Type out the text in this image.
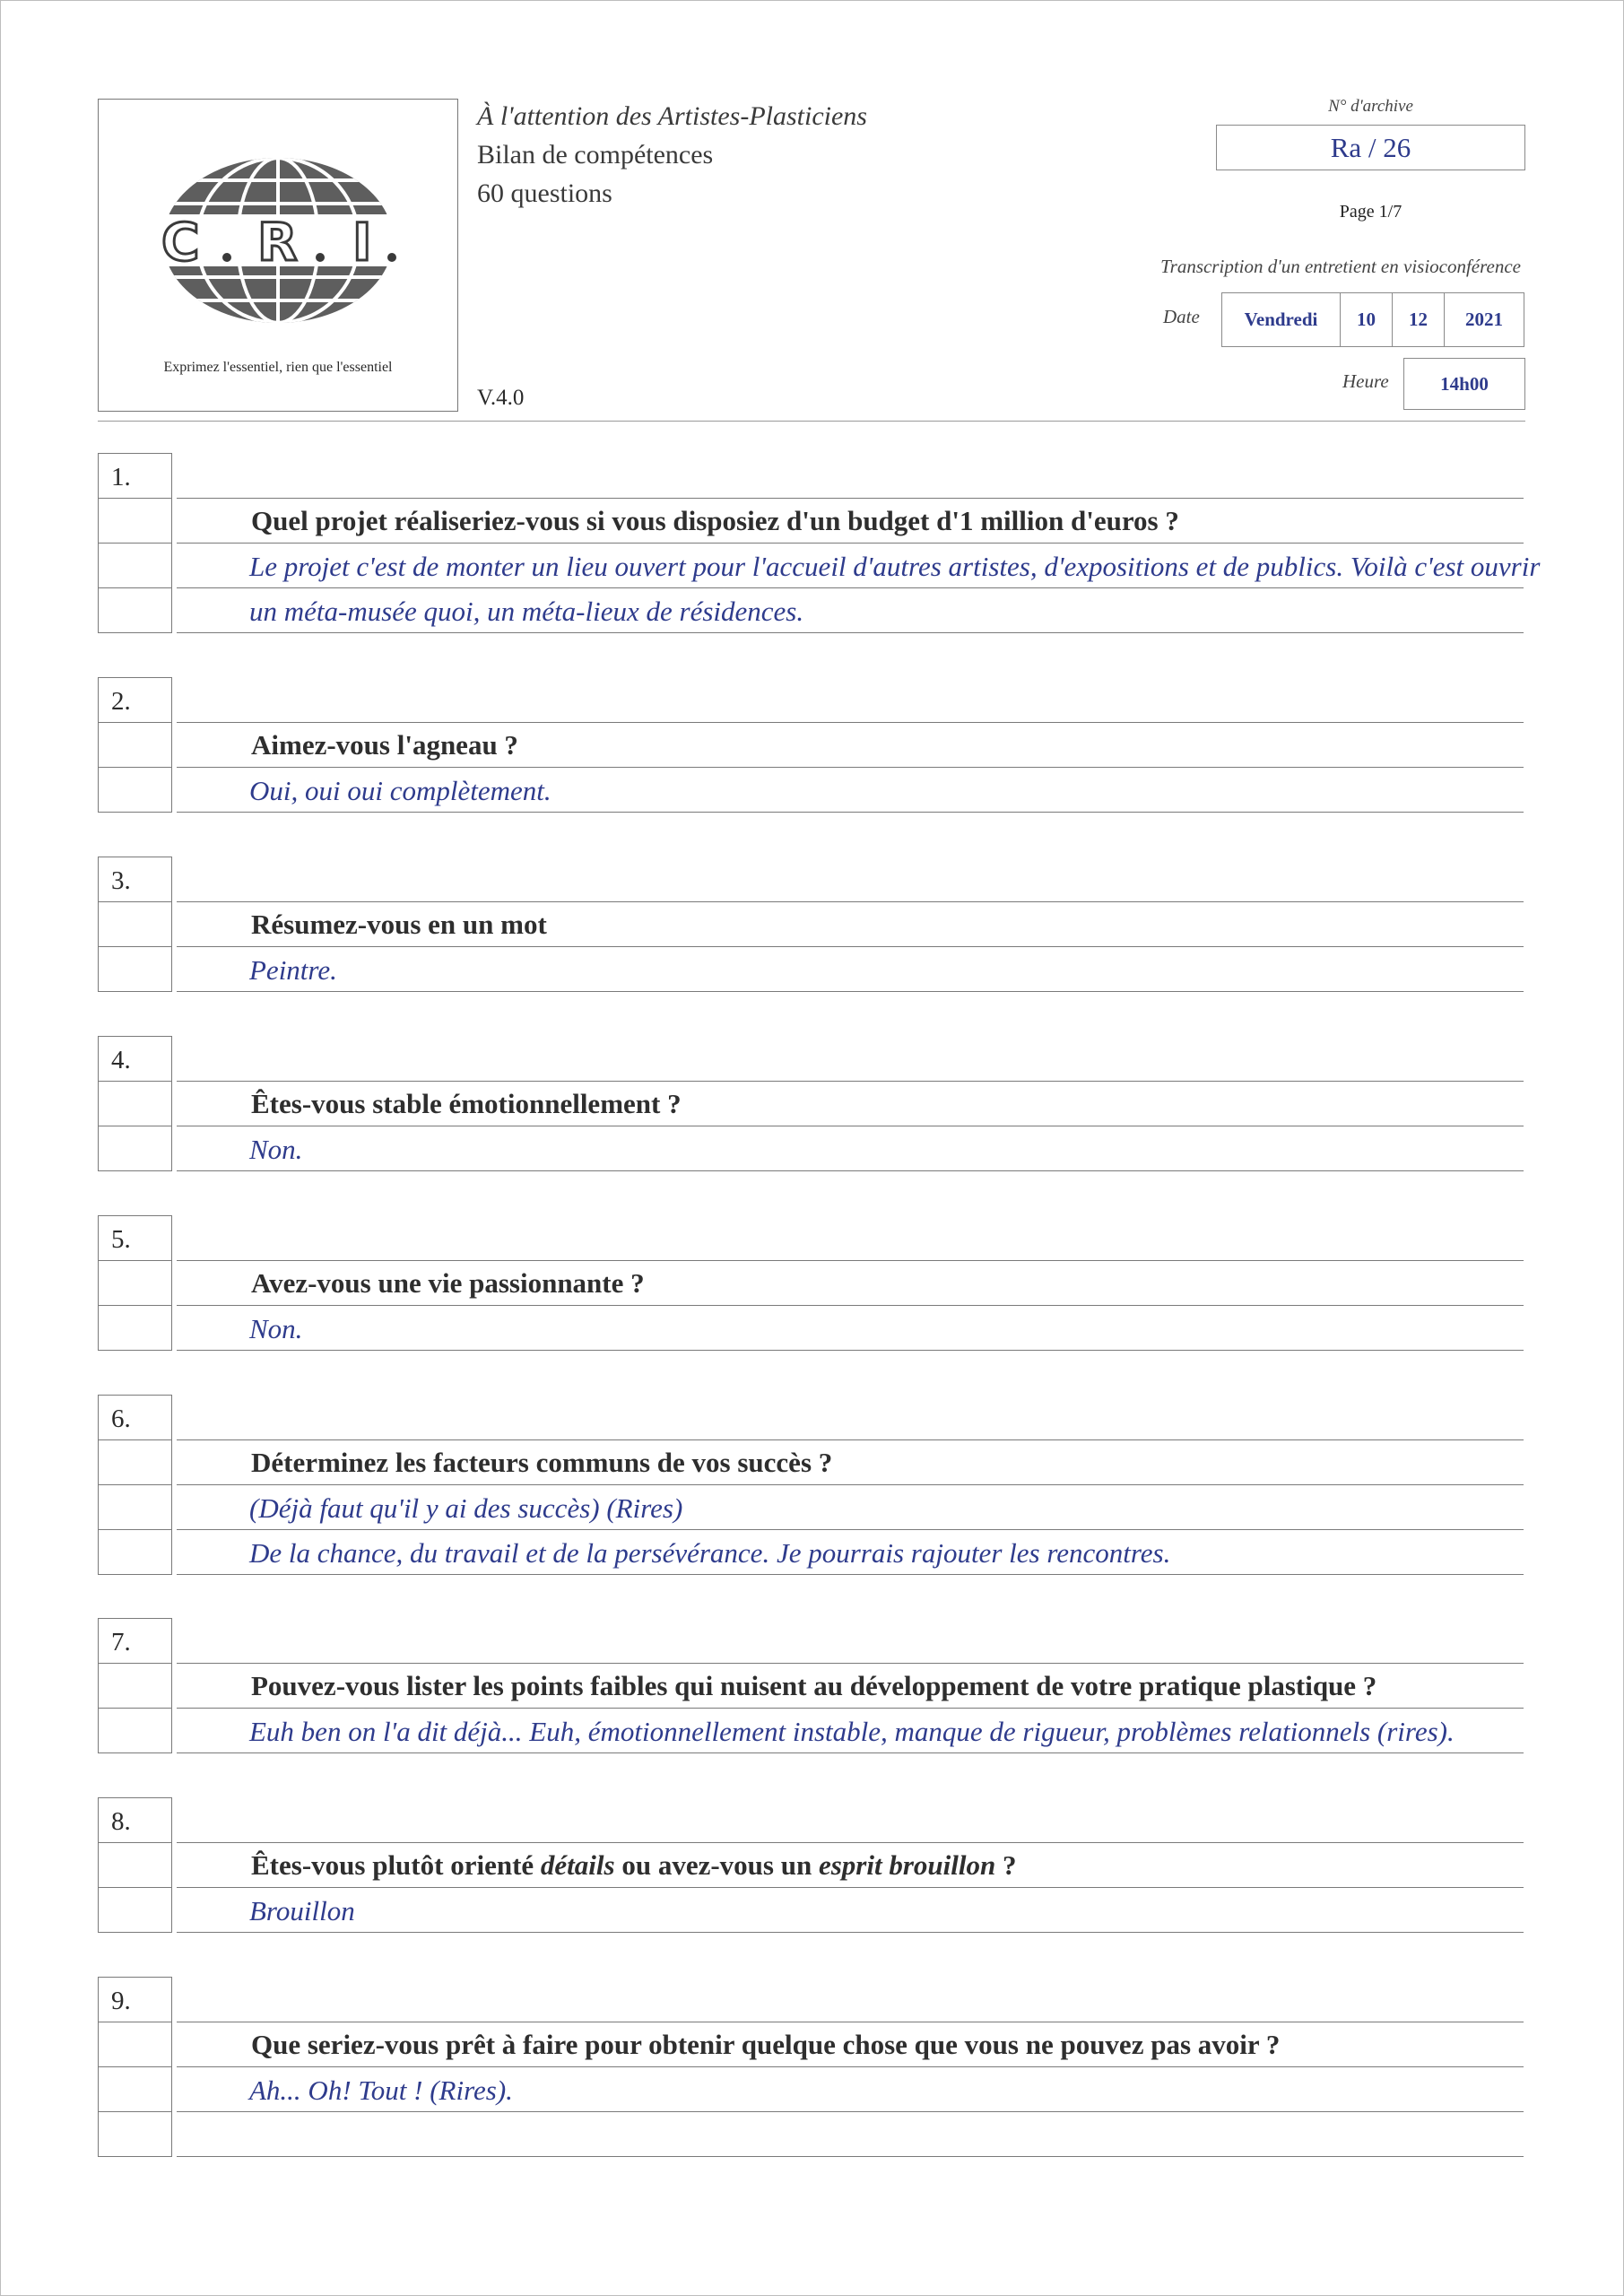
C R I
Exprimez l'essentiel, rien que l'essentiel
À l'attention des Artistes-Plasticiens
Bilan de compétences
60 questions
V.4.0
N° d'archive
Ra / 26
Page 1/7
Transcription d'un entretient en visioconférence
Date	Vendredi	10	12	2021
Heure	14h00
1.
Quel projet réaliseriez-vous si vous disposiez d'un budget d'1 million d'euros ?
Le projet c'est de monter un lieu ouvert pour l'accueil d'autres artistes, d'expositions et de publics. Voilà c'est ouvrir
un méta-musée quoi, un méta-lieux de résidences.
2.
Aimez-vous l'agneau ?
Oui, oui oui complètement.
3.
Résumez-vous en un mot
Peintre.
4.
Êtes-vous stable émotionnellement ?
Non.
5.
Avez-vous une vie passionnante ?
Non.
6.
Déterminez les facteurs communs de vos succès ?
(Déjà faut qu'il y ai des succès) (Rires)
De la chance, du travail et de la persévérance. Je pourrais rajouter les rencontres.
7.
Pouvez-vous lister les points faibles qui nuisent au développement de votre pratique plastique ?
Euh ben on l'a dit déjà... Euh, émotionnellement instable, manque de rigueur, problèmes relationnels (rires).
8.
Êtes-vous plutôt orienté détails ou avez-vous un esprit brouillon ?
Brouillon
9.
Que seriez-vous prêt à faire pour obtenir quelque chose que vous ne pouvez pas avoir ?
Ah... Oh! Tout ! (Rires).
